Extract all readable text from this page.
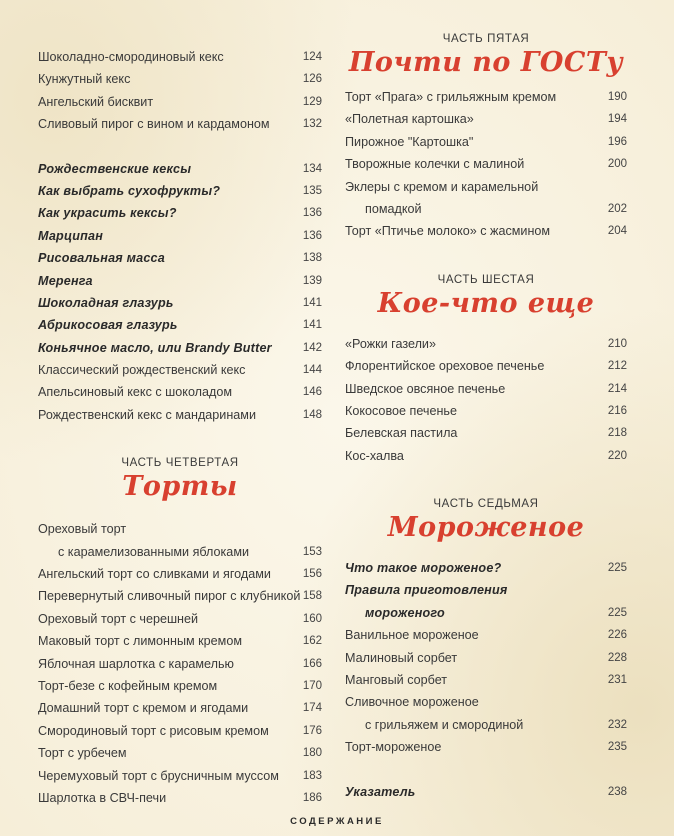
Шоколадно-смородиновый кекс	124
Кунжутный кекс	126
Ангельский бисквит	129
Сливовый пирог с вином и кардамоном	132
Рождественские кексы	134
Как выбрать сухофрукты?	135
Как украсить кексы?	136
Марципан	136
Рисовальная масса	138
Меренга	139
Шоколадная глазурь	141
Абрикосовая глазурь	141
Коньячное масло, или Brandy Butter	142
Классический рождественский кекс	144
Апельсиновый кекс с шоколадом	146
Рождественский кекс с мандаринами	148
ЧАСТЬ ЧЕТВЕРТАЯ
Торты
Ореховый торт
с карамелизованными яблоками	153
Ангельский торт со сливками и ягодами	156
Перевернутый сливочный пирог с клубникой 158
Ореховый торт с черешней	160
Маковый торт с лимонным кремом	162
Яблочная шарлотка с карамелью	166
Торт-безе с кофейным кремом	170
Домашний торт с кремом и ягодами	174
Смородиновый торт с рисовым кремом	176
Торт с урбечем	180
Черемуховый торт с брусничным муссом 183
Шарлотка в СВЧ-печи	186
ЧАСТЬ ПЯТАЯ
Почти по ГОСТу
Торт «Прага» с грильяжным кремом	190
«Полетная картошка»	194
Пирожное "Картошка"	196
Творожные колечки с малиной	200
Эклеры с кремом и карамельной
помадкой	202
Торт «Птичье молоко» с жасмином	204
ЧАСТЬ ШЕСТАЯ
Кое-что еще
«Рожки газели»	210
Флорентийское ореховое печенье	212
Шведское овсяное печенье	214
Кокосовое печенье	216
Белевская пастила	218
Кос-халва	220
ЧАСТЬ СЕДЬМАЯ
Мороженое
Что такое мороженое?	225
Правила приготовления
мороженого	225
Ванильное мороженое	226
Малиновый сорбет	228
Манговый сорбет	231
Сливочное мороженое
с грильяжем и смородиной	232
Торт-мороженое	235
Указатель	238
СОДЕРЖАНИЕ
